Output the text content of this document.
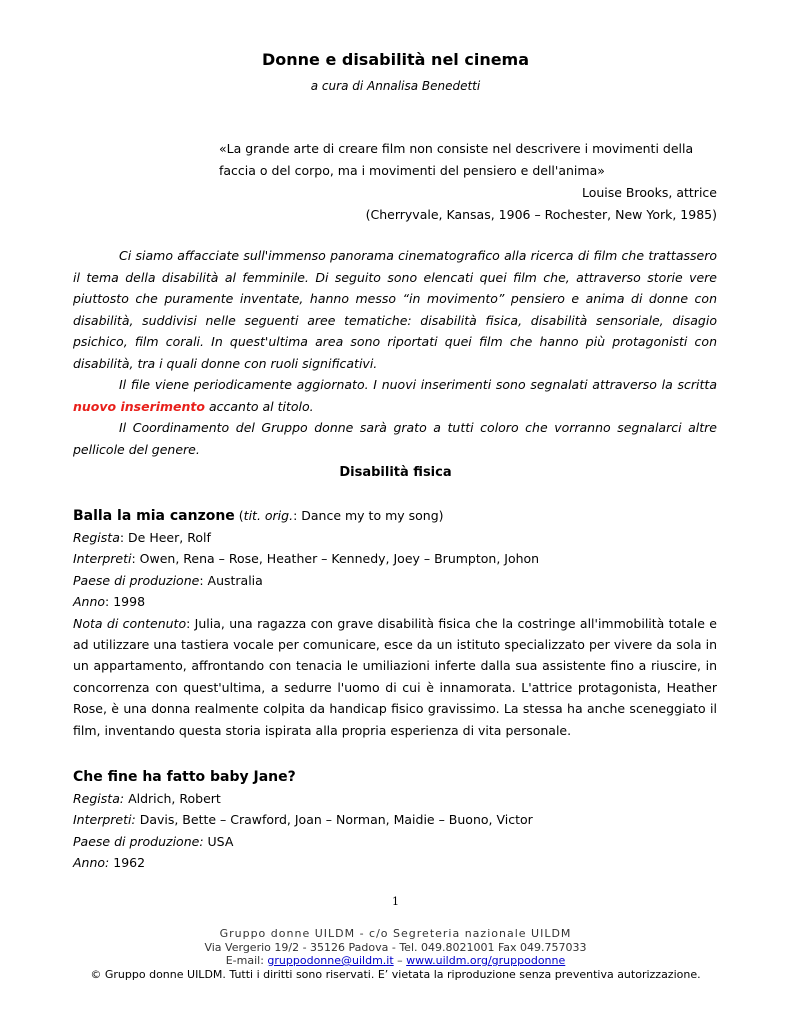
Donne e disabilità nel cinema
a cura di Annalisa Benedetti

«La grande arte di creare film non consiste nel descrivere i movimenti della faccia o del corpo, ma i movimenti del pensiero e dell'anima»

Louise Brooks, attrice

(Cherryvale, Kansas, 1906 – Rochester, New York, 1985)

Ci siamo affacciate sull'immenso panorama cinematografico alla ricerca di film che trattassero il tema della disabilità al femminile. Di seguito sono elencati quei film che, attraverso storie vere piuttosto che puramente inventate, hanno messo “in movimento” pensiero e anima di donne con disabilità, suddivisi nelle seguenti aree tematiche: disabilità fisica, disabilità sensoriale, disagio psichico, film corali. In quest'ultima area sono riportati quei film che hanno più protagonisti con disabilità, tra i quali donne con ruoli significativi.

Il file viene periodicamente aggiornato. I nuovi inserimenti sono segnalati attraverso la scritta nuovo inserimento accanto al titolo.

Il Coordinamento del Gruppo donne sarà grato a tutti coloro che vorranno segnalarci altre pellicole del genere.

Disabilità fisica

Balla la mia canzone (tit. orig.: Dance my to my song)

Regista: De Heer, Rolf

Interpreti: Owen, Rena – Rose, Heather – Kennedy, Joey – Brumpton, Johon

Paese di produzione: Australia

Anno: 1998

Nota di contenuto: Julia, una ragazza con grave disabilità fisica che la costringe all'immobilità totale e ad utilizzare una tastiera vocale per comunicare, esce da un istituto specializzato per vivere da sola in un appartamento, affrontando con tenacia le umiliazioni inferte dalla sua assistente fino a riuscire, in concorrenza con quest'ultima, a sedurre l'uomo di cui è innamorata. L'attrice protagonista, Heather Rose, è una donna realmente colpita da handicap fisico gravissimo. La stessa ha anche sceneggiato il film, inventando questa storia ispirata alla propria esperienza di vita personale.

Che fine ha fatto baby Jane?

Regista: Aldrich, Robert

Interpreti: Davis, Bette – Crawford, Joan – Norman, Maidie – Buono, Victor

Paese di produzione: USA

Anno: 1962

1
Gruppo donne UILDM - c/o Segreteria nazionale UILDM
Via Vergerio 19/2 - 35126 Padova - Tel. 049.8021001 Fax 049.757033
E-mail: gruppodonne@uildm.it – www.uildm.org/gruppodonne
© Gruppo donne UILDM. Tutti i diritti sono riservati. E’ vietata la riproduzione senza preventiva autorizzazione.
